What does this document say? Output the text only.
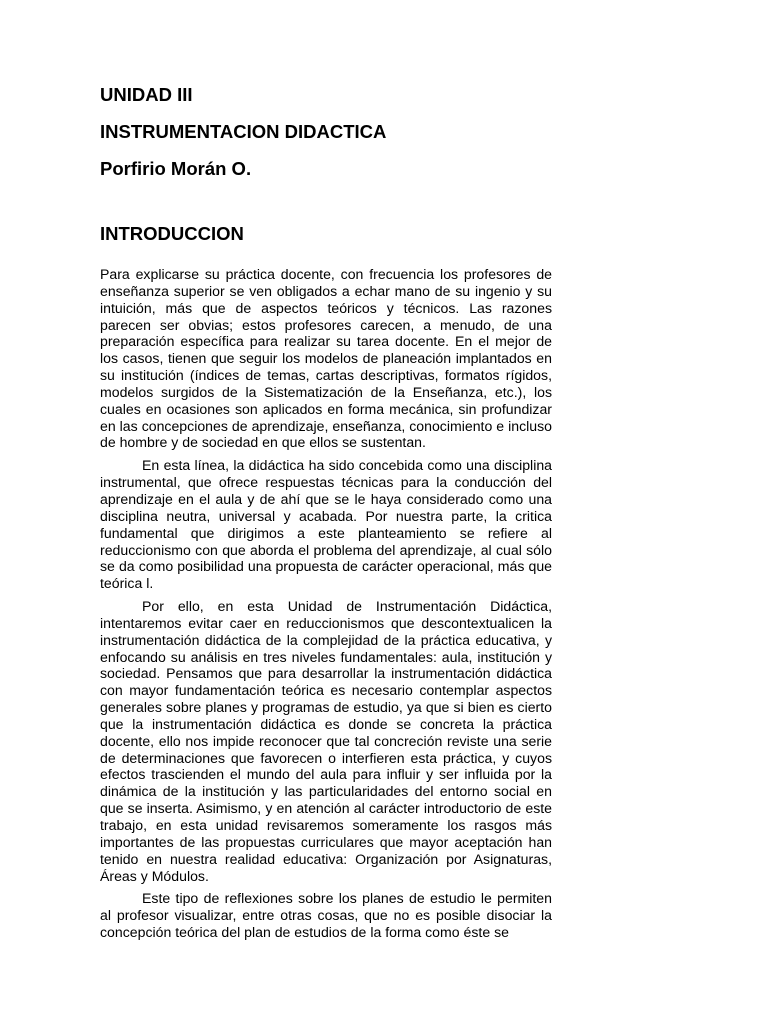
UNIDAD III
INSTRUMENTACION DIDACTICA
Porfirio Morán O.
INTRODUCCION

Para explicarse su práctica docente, con frecuencia los profesores de enseñanza superior se ven obligados a echar mano de su ingenio y su intuición, más que de aspectos teóricos y técnicos. Las razones parecen ser obvias; estos profesores carecen, a menudo, de una preparación específica para realizar su tarea docente. En el mejor de los casos, tienen que seguir los modelos de planeación implantados en su institución (índices de temas, cartas descriptivas, formatos rígidos, modelos surgidos de la Sistematización de la Enseñanza, etc.), los cuales en ocasiones son aplicados en forma mecánica, sin profundizar en las concepciones de aprendizaje, enseñanza, conocimiento e incluso de hombre y de sociedad en que ellos se sustentan.

En esta línea, la didáctica ha sido concebida como una disciplina instrumental, que ofrece respuestas técnicas para la conducción del aprendizaje en el aula y de ahí que se le haya considerado como una disciplina neutra, universal y acabada. Por nuestra parte, la critica fundamental que dirigimos a este planteamiento se refiere al reduccionismo con que aborda el problema del aprendizaje, al cual sólo se da como posibilidad una propuesta de carácter operacional, más que teórica l.

Por ello, en esta Unidad de Instrumentación Didáctica, intentaremos evitar caer en reduccionismos que descontextualicen la instrumentación didáctica de la complejidad de la práctica educativa, y enfocando su análisis en tres niveles fundamentales: aula, institución y sociedad. Pensamos que para desarrollar la instrumentación didáctica con mayor fundamentación teórica es necesario contemplar aspectos generales sobre planes y programas de estudio, ya que si bien es cierto que la instrumentación didáctica es donde se concreta la práctica docente, ello nos impide reconocer que tal concreción reviste una serie de determinaciones que favorecen o interfieren esta práctica, y cuyos efectos trascienden el mundo del aula para influir y ser influida por la dinámica de la institución y las particularidades del entorno social en que se inserta. Asimismo, y en atención al carácter introductorio de este trabajo, en esta unidad revisaremos someramente los rasgos más importantes de las propuestas curriculares que mayor aceptación han tenido en nuestra realidad educativa: Organización por Asignaturas, Áreas y Módulos.

Este tipo de reflexiones sobre los planes de estudio le permiten al profesor visualizar, entre otras cosas, que no es posible disociar la concepción teórica del plan de estudios de la forma como éste se
